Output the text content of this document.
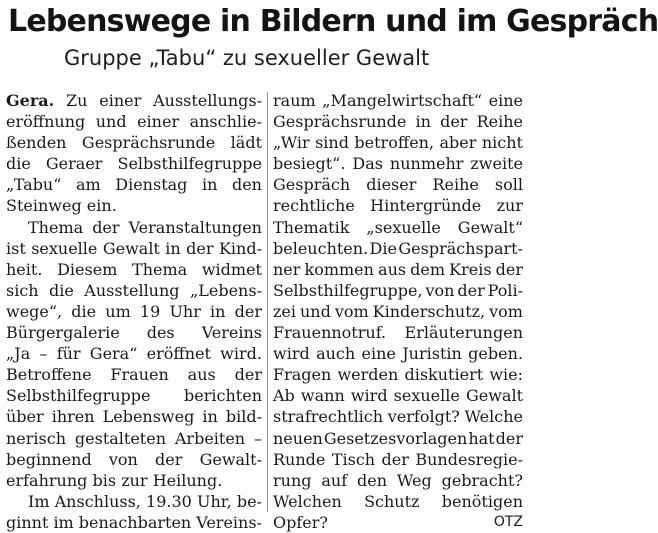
Lebenswege in Bildern und im Gespräch
Gruppe „Tabu“ zu sexueller Gewalt
Gera. Zu einer Ausstellungs-
eröffnung und einer anschlie-
ßenden Gesprächsrunde lädt
die Geraer Selbsthilfegruppe
„Tabu“ am Dienstag in den
Steinweg ein.
Thema der Veranstaltungen
ist sexuelle Gewalt in der Kind-
heit. Diesem Thema widmet
sich die Ausstellung „Lebens-
wege“, die um 19 Uhr in der
Bürgergalerie des Vereins
„Ja – für Gera“ eröffnet wird.
Betroffene Frauen aus der
Selbsthilfegruppe berichten
über ihren Lebensweg in bild-
nerisch gestalteten Arbeiten –
beginnend von der Gewalt-
erfahrung bis zur Heilung.
Im Anschluss, 19.30 Uhr, be-
ginnt im benachbarten Vereins-
raum „Mangelwirtschaft“ eine
Gesprächsrunde in der Reihe
„Wir sind betroffen, aber nicht
besiegt“. Das nunmehr zweite
Gespräch dieser Reihe soll
rechtliche Hintergründe zur
Thematik „sexuelle Gewalt“
beleuchten. Die Gesprächspart-
ner kommen aus dem Kreis der
Selbsthilfegruppe, von der Poli-
zei und vom Kinderschutz, vom
Frauennotruf. Erläuterungen
wird auch eine Juristin geben.
Fragen werden diskutiert wie:
Ab wann wird sexuelle Gewalt
strafrechtlich verfolgt? Welche
neuen Gesetzesvorlagen hat der
Runde Tisch der Bundesregie-
rung auf den Weg gebracht?
Welchen Schutz benötigen
Opfer?	OTZ
